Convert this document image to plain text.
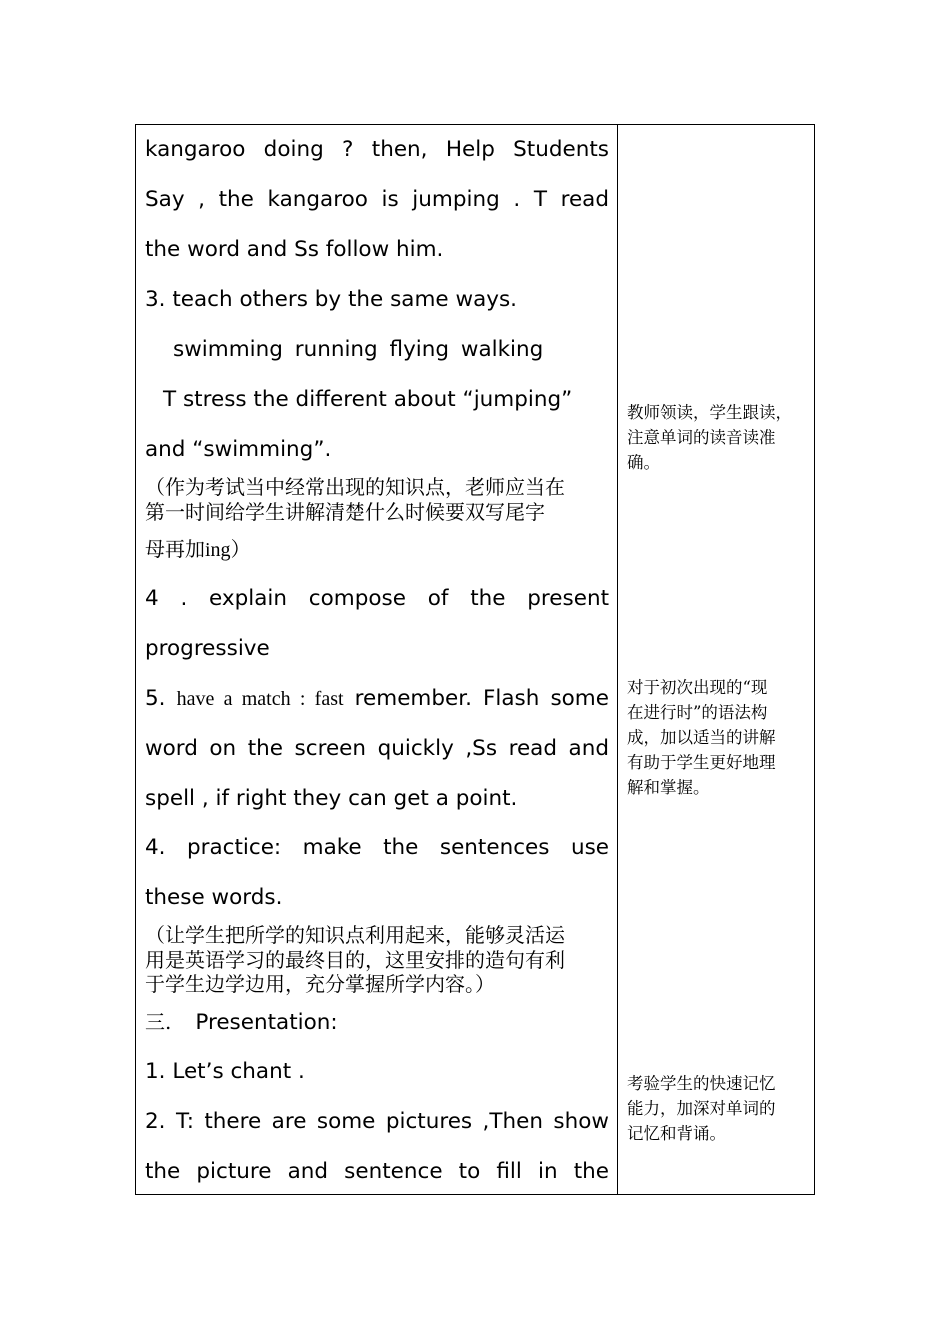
kangaroo doing ? then, Help Students
Say , the kangaroo is jumping . T read
the word and Ss follow him.
3. teach others by the same ways.
swimming running flying walking
T stress the different about “jumping”
and “swimming”.
（作为考试当中经常出现的知识点，老师应当在
第一时间给学生讲解清楚什么时候要双写尾字
母再加ing）
4 . explain compose of the present
progressive
5. have a match : fast remember. Flash some
word on the screen quickly ,Ss read and
spell , if right they can get a point.
4. practice: make the sentences use
these words.
（让学生把所学的知识点利用起来，能够灵活运
用是英语学习的最终目的，这里安排的造句有利
于学生边学边用，充分掌握所学内容。）
三. Presentation:
1. Let’s chant .
2. T: there are some pictures ,Then show
the picture and sentence to fill in the
教师领读，学生跟读，
注意单词的读音读准
确。
对于初次出现的“现
在进行时”的语法构
成，加以适当的讲解
有助于学生更好地理
解和掌握。
考验学生的快速记忆
能力，加深对单词的
记忆和背诵。
